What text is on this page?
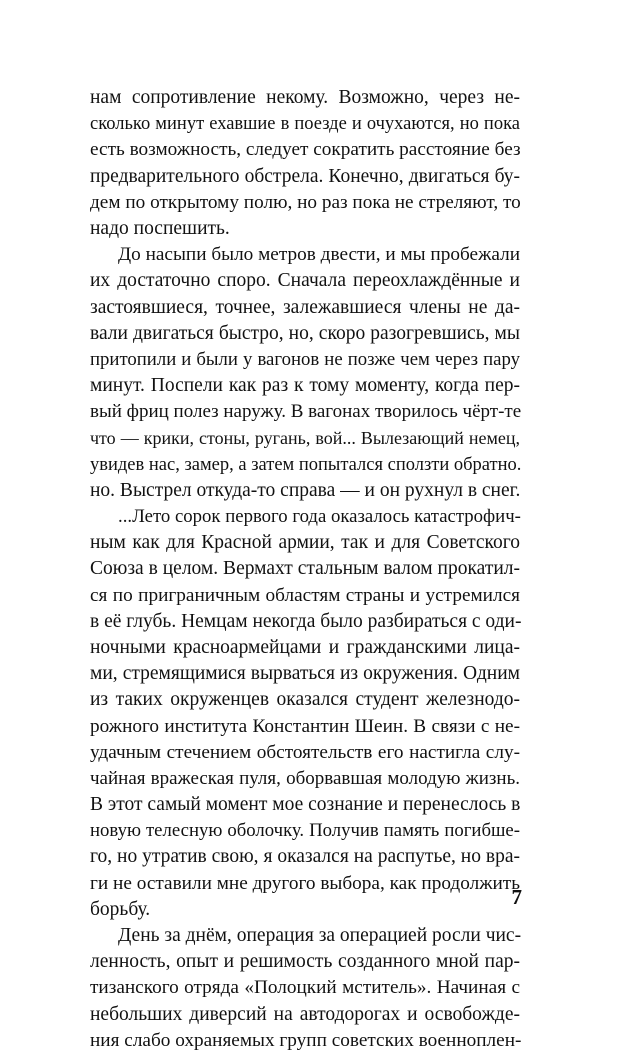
нам сопротивление некому. Возможно, через не-
сколько минут ехавшие в поезде и очухаются, но пока
есть возможность, следует сократить расстояние без
предварительного обстрела. Конечно, двигаться бу-
дем по открытому полю, но раз пока не стреляют, то
надо поспешить.
До насыпи было метров двести, и мы пробежали
их достаточно споро. Сначала переохлаждённые и
застоявшиеся, точнее, залежавшиеся члены не да-
вали двигаться быстро, но, скоро разогревшись, мы
притопили и были у вагонов не позже чем через пару
минут. Поспели как раз к тому моменту, когда пер-
вый фриц полез наружу. В вагонах творилось чёрт-те
что — крики, стоны, ругань, вой... Вылезающий немец,
увидев нас, замер, а затем попытался сползти обратно.
но. Выстрел откуда-то справа — и он рухнул в снег.
...Лето сорок первого года оказалось катастрофич-
ным как для Красной армии, так и для Советского
Союза в целом. Вермахт стальным валом прокатил-
ся по приграничным областям страны и устремился
в её глубь. Немцам некогда было разбираться с оди-
ночными красноармейцами и гражданскими лица-
ми, стремящимися вырваться из окружения. Одним
из таких окруженцев оказался студент железнодо-
рожного института Константин Шеин. В связи с не-
удачным стечением обстоятельств его настигла слу-
чайная вражеская пуля, оборвавшая молодую жизнь.
В этот самый момент мое сознание и перенеслось в
новую телесную оболочку. Получив память погибше-
го, но утратив свою, я оказался на распутье, но вра-
ги не оставили мне другого выбора, как продолжить
борьбу.
День за днём, операция за операцией росли чис-
ленность, опыт и решимость созданного мной пар-
тизанского отряда «Полоцкий мститель». Начиная с
небольших диверсий на автодорогах и освобожде-
ния слабо охраняемых групп советских военноплен-
7
